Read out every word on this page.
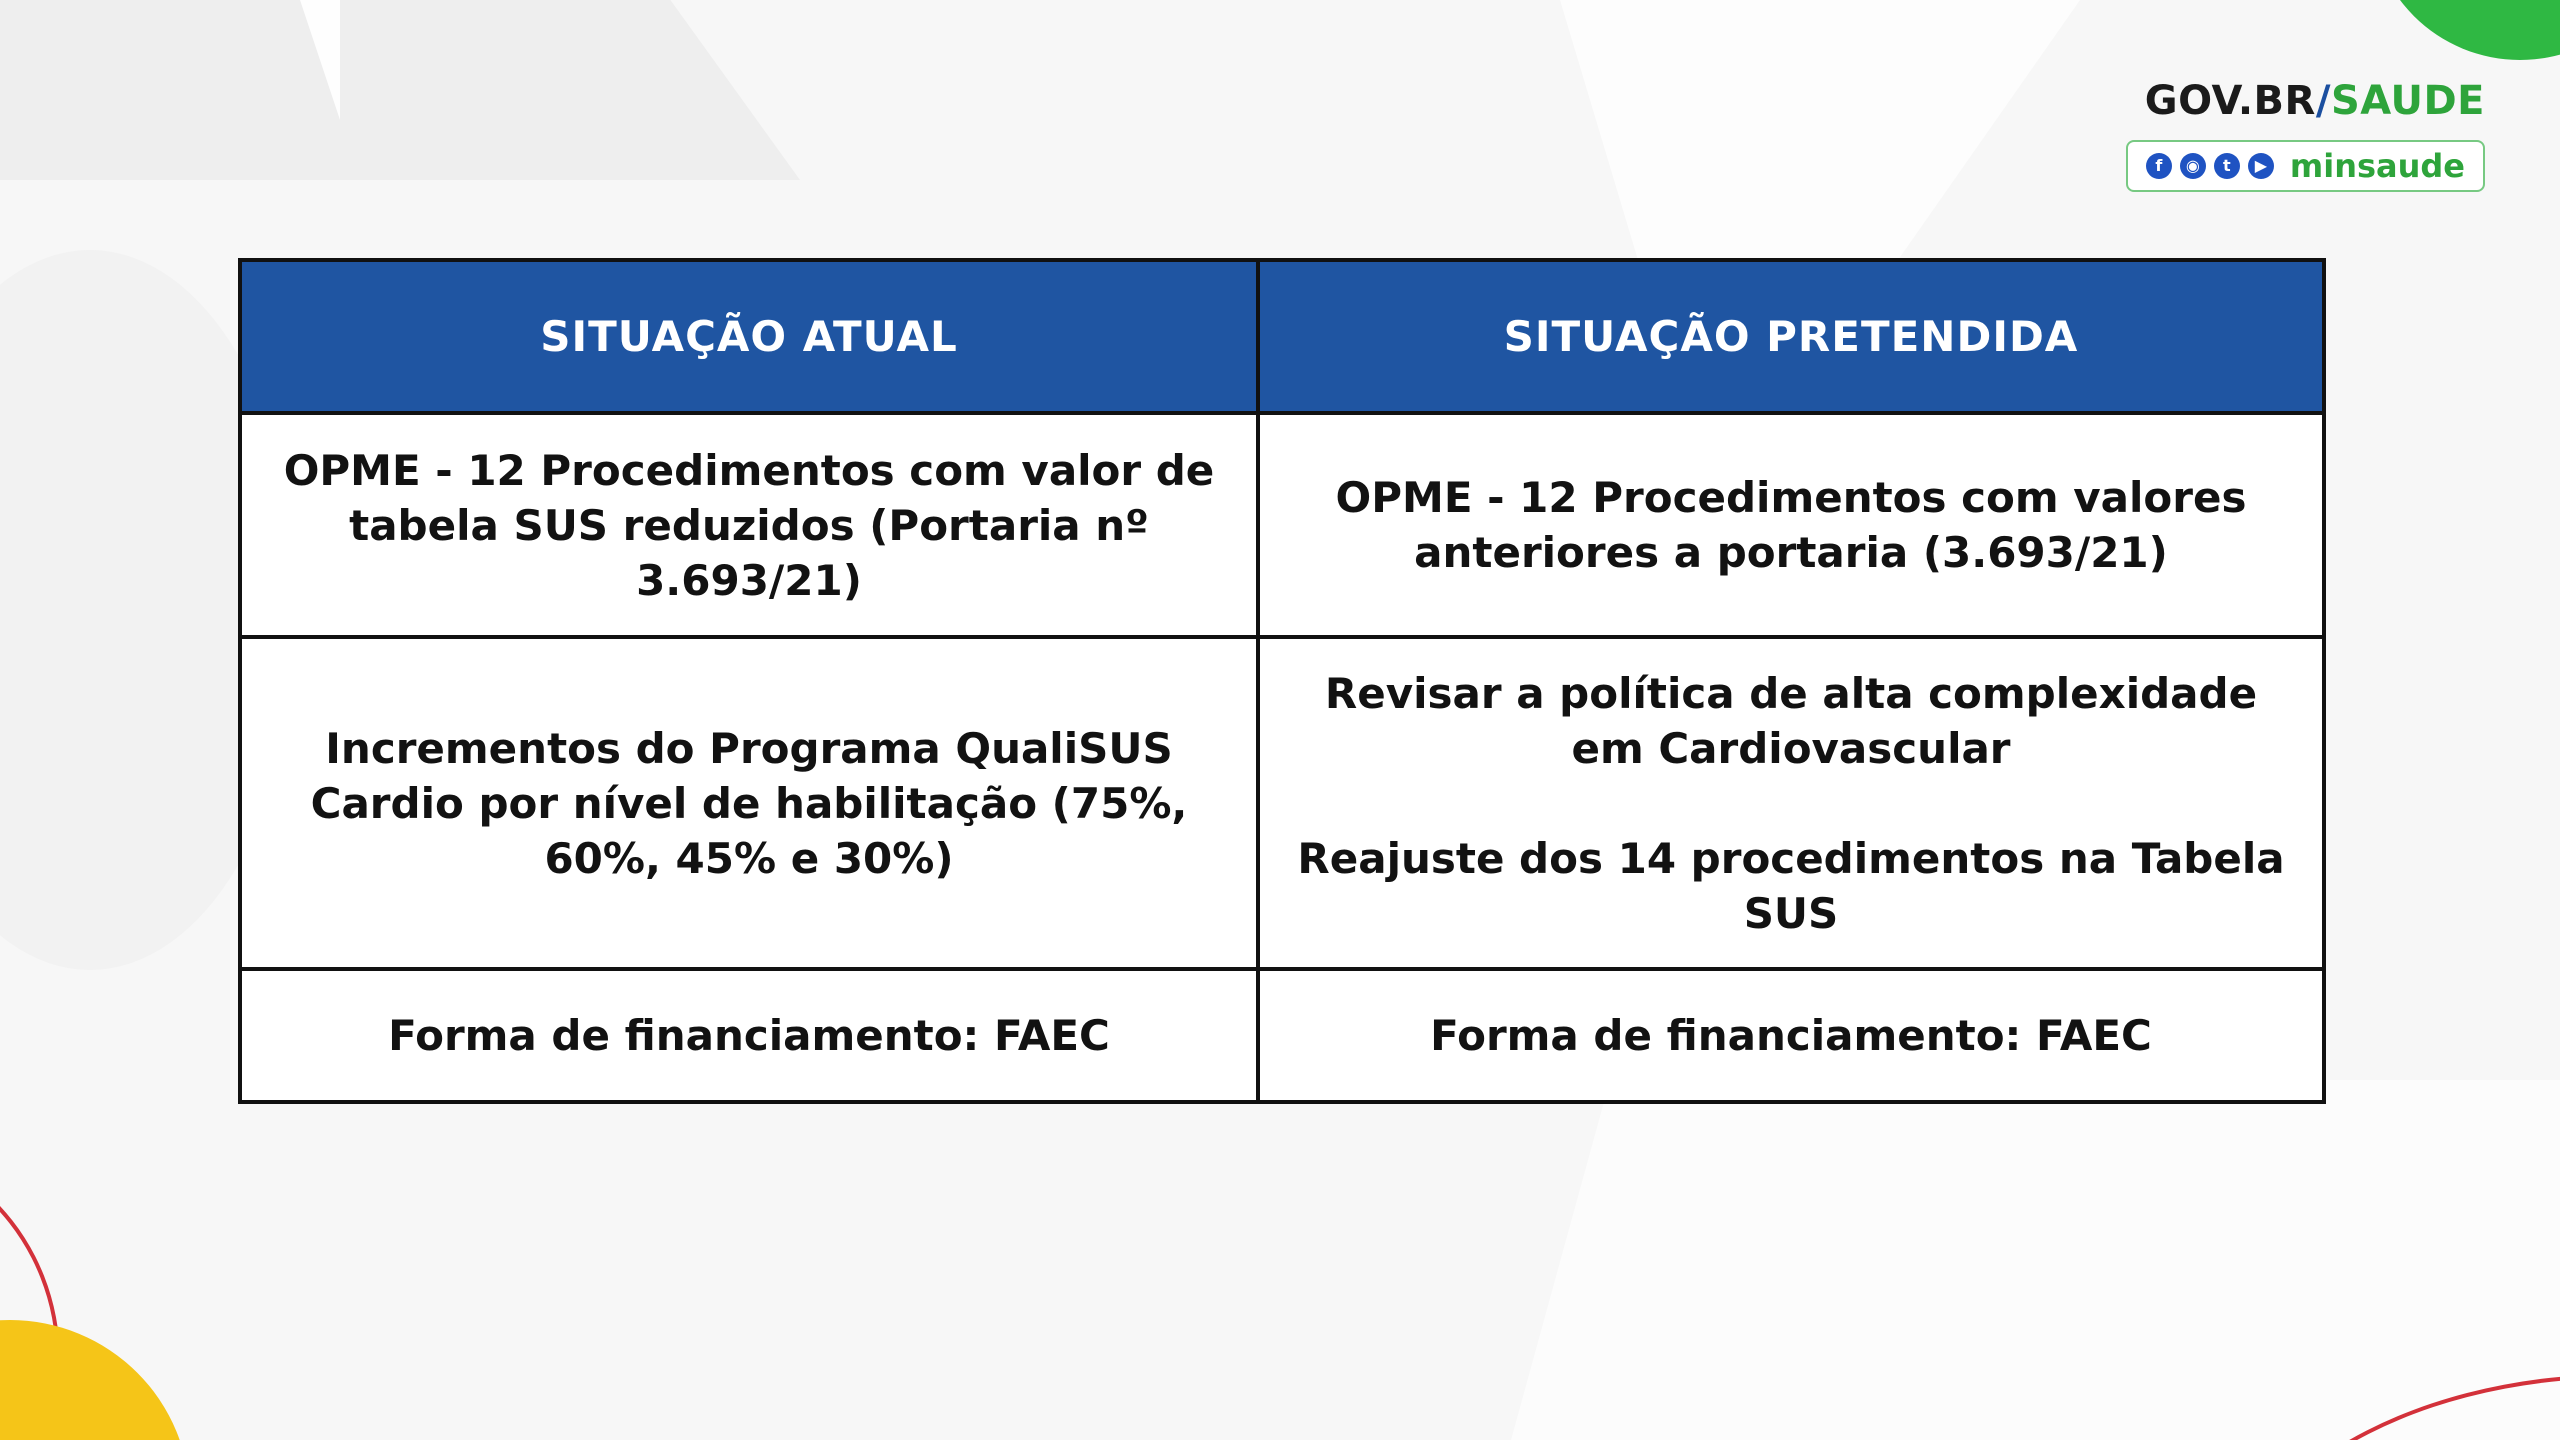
GOV.BR/SAUDE
f	◉	t	▶ minsaude
SITUAÇÃO ATUAL	SITUAÇÃO PRETENDIDA

OPME - 12 Procedimentos com valor de tabela SUS reduzidos (Portaria nº 3.693/21)	OPME - 12 Procedimentos com valores anteriores a portaria (3.693/21)

Incrementos do Programa QualiSUS Cardio por nível de habilitação (75%, 60%, 45% e 30%)	Revisar a política de alta complexidade em Cardiovascular
Reajuste dos 14 procedimentos na Tabela SUS

Forma de financiamento: FAEC	Forma de financiamento: FAEC
